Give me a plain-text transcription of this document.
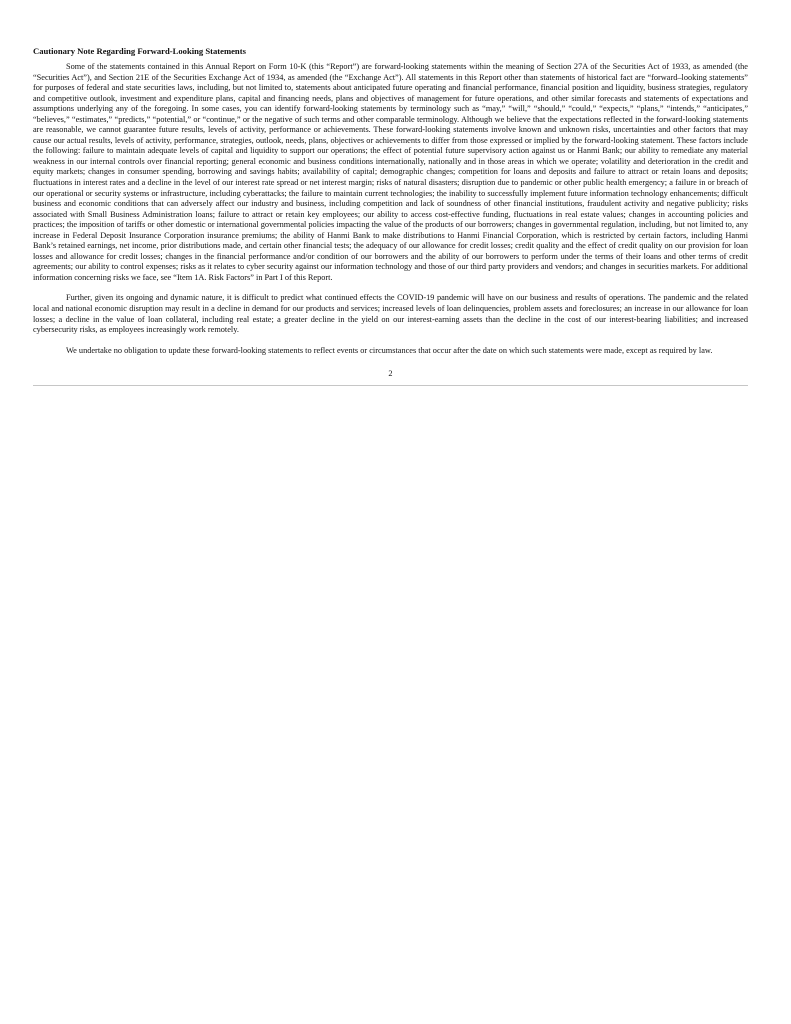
Cautionary Note Regarding Forward-Looking Statements

Some of the statements contained in this Annual Report on Form 10-K (this “Report”) are forward-looking statements within the meaning of Section 27A of the Securities Act of 1933, as amended (the “Securities Act”), and Section 21E of the Securities Exchange Act of 1934, as amended (the “Exchange Act”). All statements in this Report other than statements of historical fact are “forward–looking statements” for purposes of federal and state securities laws, including, but not limited to, statements about anticipated future operating and financial performance, financial position and liquidity, business strategies, regulatory and competitive outlook, investment and expenditure plans, capital and financing needs, plans and objectives of management for future operations, and other similar forecasts and statements of expectations and assumptions underlying any of the foregoing. In some cases, you can identify forward-looking statements by terminology such as “may,” “will,” “should,” “could,” “expects,” “plans,” “intends,” “anticipates,” “believes,” “estimates,” “predicts,” “potential,” or “continue,” or the negative of such terms and other comparable terminology. Although we believe that the expectations reflected in the forward-looking statements are reasonable, we cannot guarantee future results, levels of activity, performance or achievements. These forward-looking statements involve known and unknown risks, uncertainties and other factors that may cause our actual results, levels of activity, performance, strategies, outlook, needs, plans, objectives or achievements to differ from those expressed or implied by the forward-looking statement. These factors include the following: failure to maintain adequate levels of capital and liquidity to support our operations; the effect of potential future supervisory action against us or Hanmi Bank; our ability to remediate any material weakness in our internal controls over financial reporting; general economic and business conditions internationally, nationally and in those areas in which we operate; volatility and deterioration in the credit and equity markets; changes in consumer spending, borrowing and savings habits; availability of capital; demographic changes; competition for loans and deposits and failure to attract or retain loans and deposits; fluctuations in interest rates and a decline in the level of our interest rate spread or net interest margin; risks of natural disasters; disruption due to pandemic or other public health emergency; a failure in or breach of our operational or security systems or infrastructure, including cyberattacks; the failure to maintain current technologies; the inability to successfully implement future information technology enhancements; difficult business and economic conditions that can adversely affect our industry and business, including competition and lack of soundness of other financial institutions, fraudulent activity and negative publicity; risks associated with Small Business Administration loans; failure to attract or retain key employees; our ability to access cost-effective funding, fluctuations in real estate values; changes in accounting policies and practices; the imposition of tariffs or other domestic or international governmental policies impacting the value of the products of our borrowers; changes in governmental regulation, including, but not limited to, any increase in Federal Deposit Insurance Corporation insurance premiums; the ability of Hanmi Bank to make distributions to Hanmi Financial Corporation, which is restricted by certain factors, including Hanmi Bank’s retained earnings, net income, prior distributions made, and certain other financial tests; the adequacy of our allowance for credit losses; credit quality and the effect of credit quality on our provision for loan losses and allowance for credit losses; changes in the financial performance and/or condition of our borrowers and the ability of our borrowers to perform under the terms of their loans and other terms of credit agreements; our ability to control expenses; risks as it relates to cyber security against our information technology and those of our third party providers and vendors; and changes in securities markets. For additional information concerning risks we face, see “Item 1A. Risk Factors” in Part I of this Report.

Further, given its ongoing and dynamic nature, it is difficult to predict what continued effects the COVID-19 pandemic will have on our business and results of operations. The pandemic and the related local and national economic disruption may result in a decline in demand for our products and services; increased levels of loan delinquencies, problem assets and foreclosures; an increase in our allowance for loan losses; a decline in the value of loan collateral, including real estate; a greater decline in the yield on our interest-earning assets than the decline in the cost of our interest-bearing liabilities; and increased cybersecurity risks, as employees increasingly work remotely.

We undertake no obligation to update these forward-looking statements to reflect events or circumstances that occur after the date on which such statements were made, except as required by law.

2
